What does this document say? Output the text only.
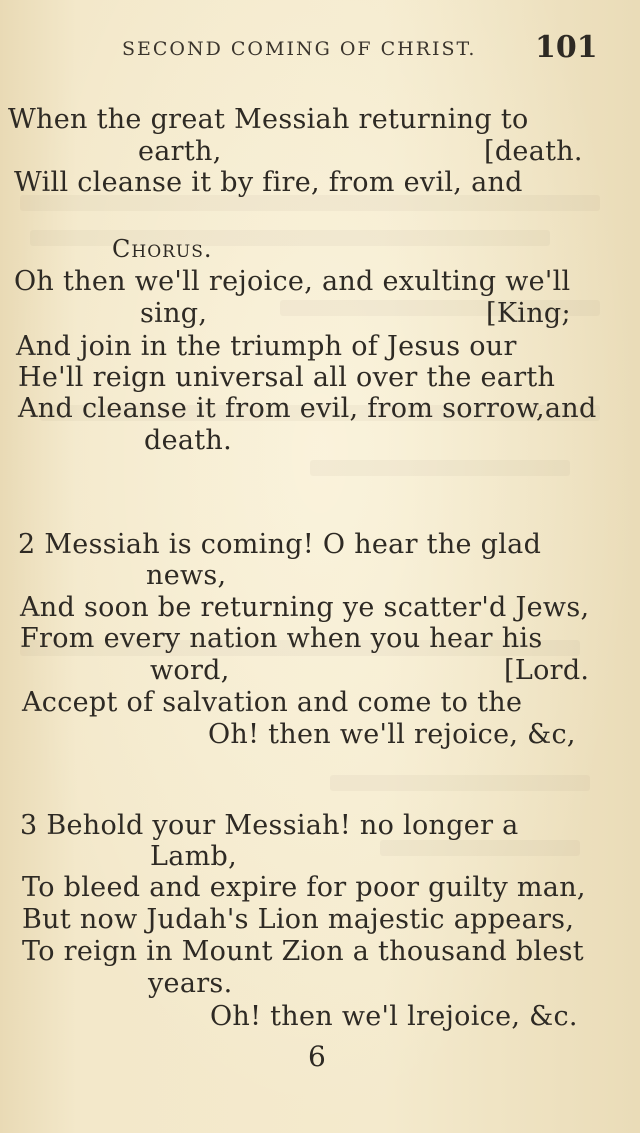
SECOND COMING OF CHRIST. 101
When the great Messiah returning to
earth,	[death.
Will cleanse it by fire, from evil, and
Chorus.
Oh then we'll rejoice, and exulting we'll
sing,	[King;
And join in the triumph of Jesus our
He'll reign universal all over the earth
And cleanse it from evil, from sorrow,and
death.
2 Messiah is coming! O hear the glad
news,
And soon be returning ye scatter'd Jews,
From every nation when you hear his
word,	[Lord.
Accept of salvation and come to the
Oh! then we'll rejoice, &c,
3 Behold your Messiah! no longer a
Lamb,
To bleed and expire for poor guilty man,
But now Judah's Lion majestic appears,
To reign in Mount Zion a thousand blest
years.
Oh! then we'l lrejoice, &c.
6
